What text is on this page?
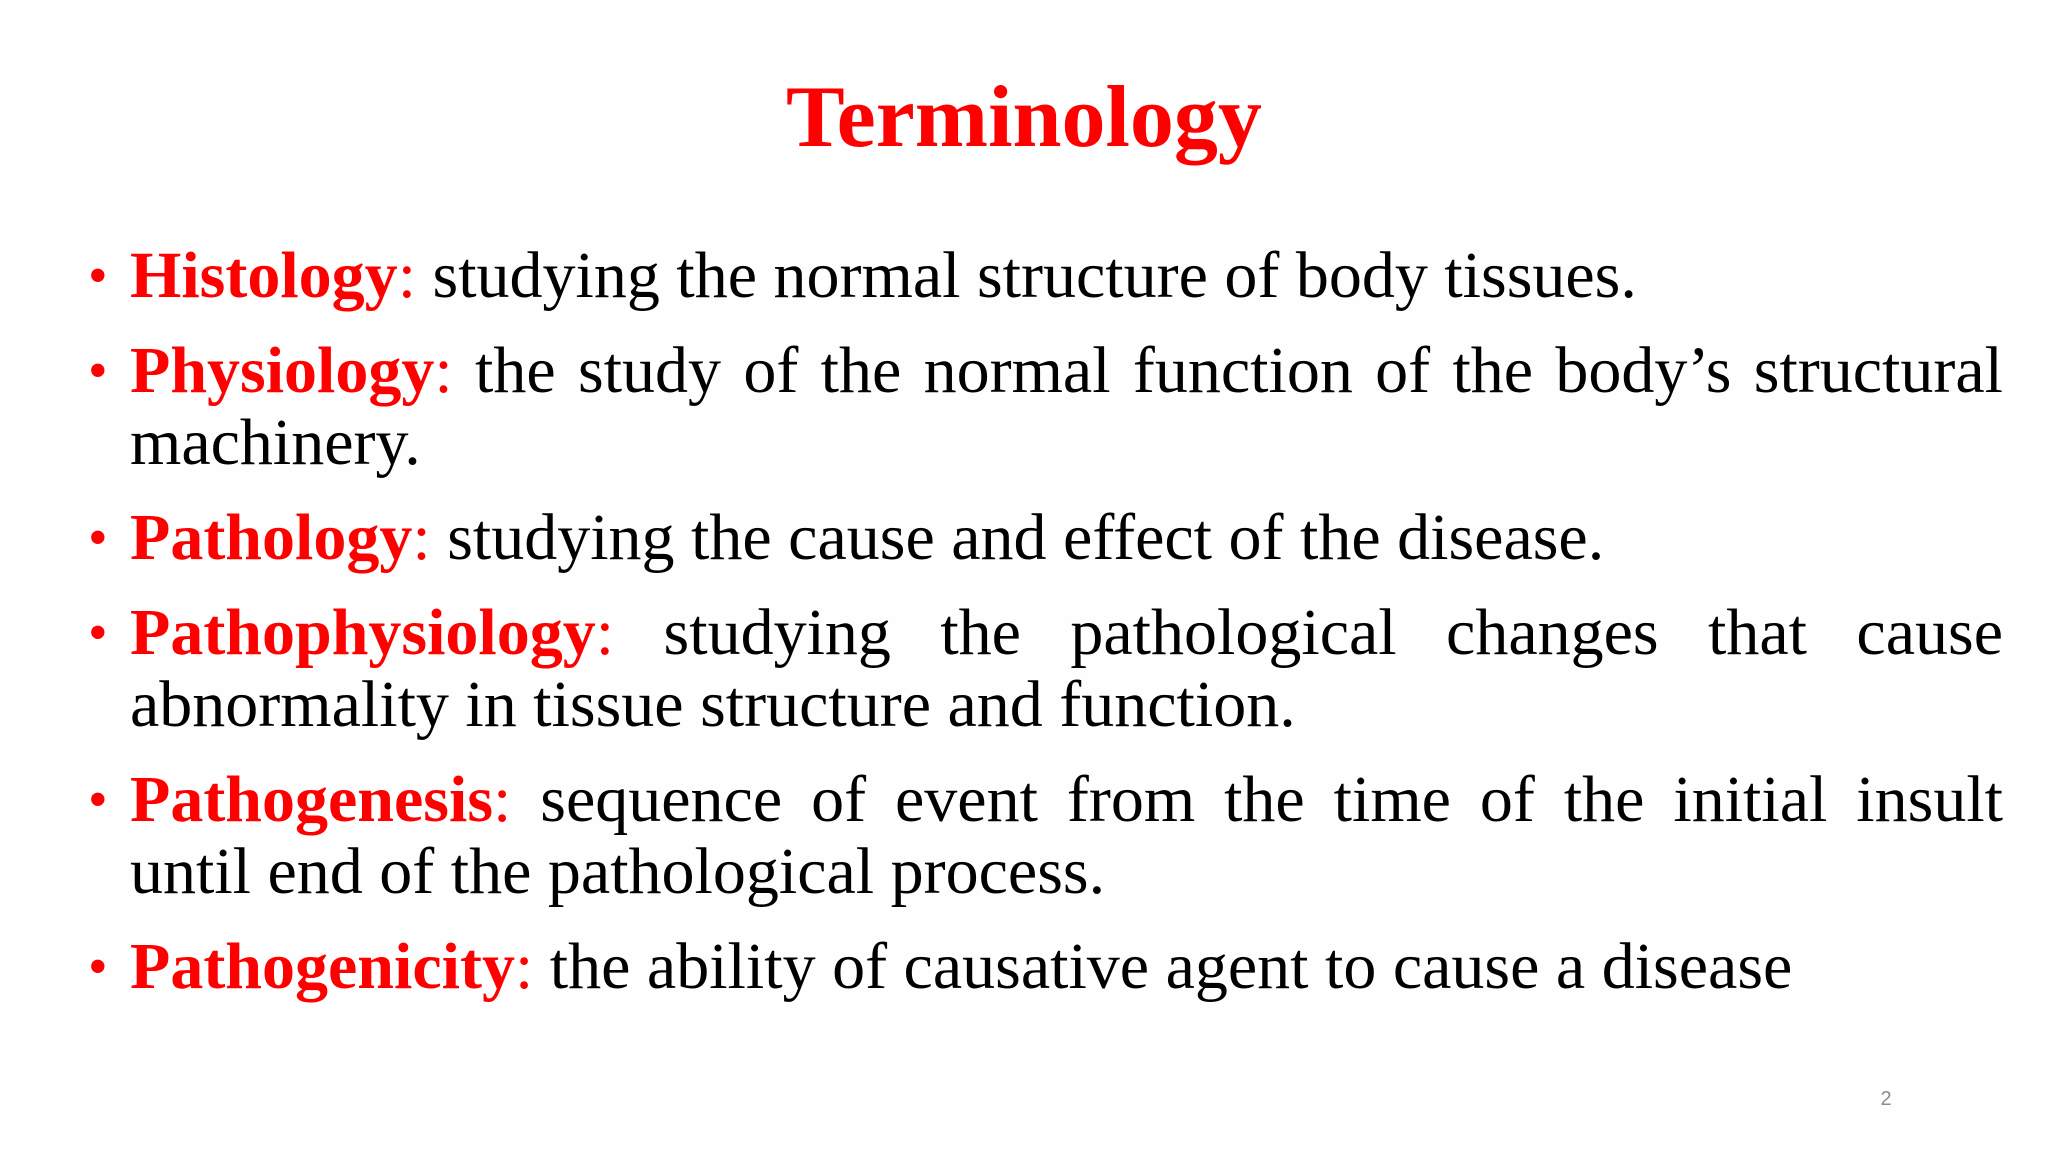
Terminology
• Histology: studying the normal structure of body tissues.
• Physiology: the study of the normal function of the body’s structural machinery.
• Pathology: studying the cause and effect of the disease.
• Pathophysiology: studying the pathological changes that cause abnormality in tissue structure and function.
• Pathogenesis: sequence of event from the time of the initial insult until end of the pathological process.
• Pathogenicity: the ability of causative agent to cause a disease
2
